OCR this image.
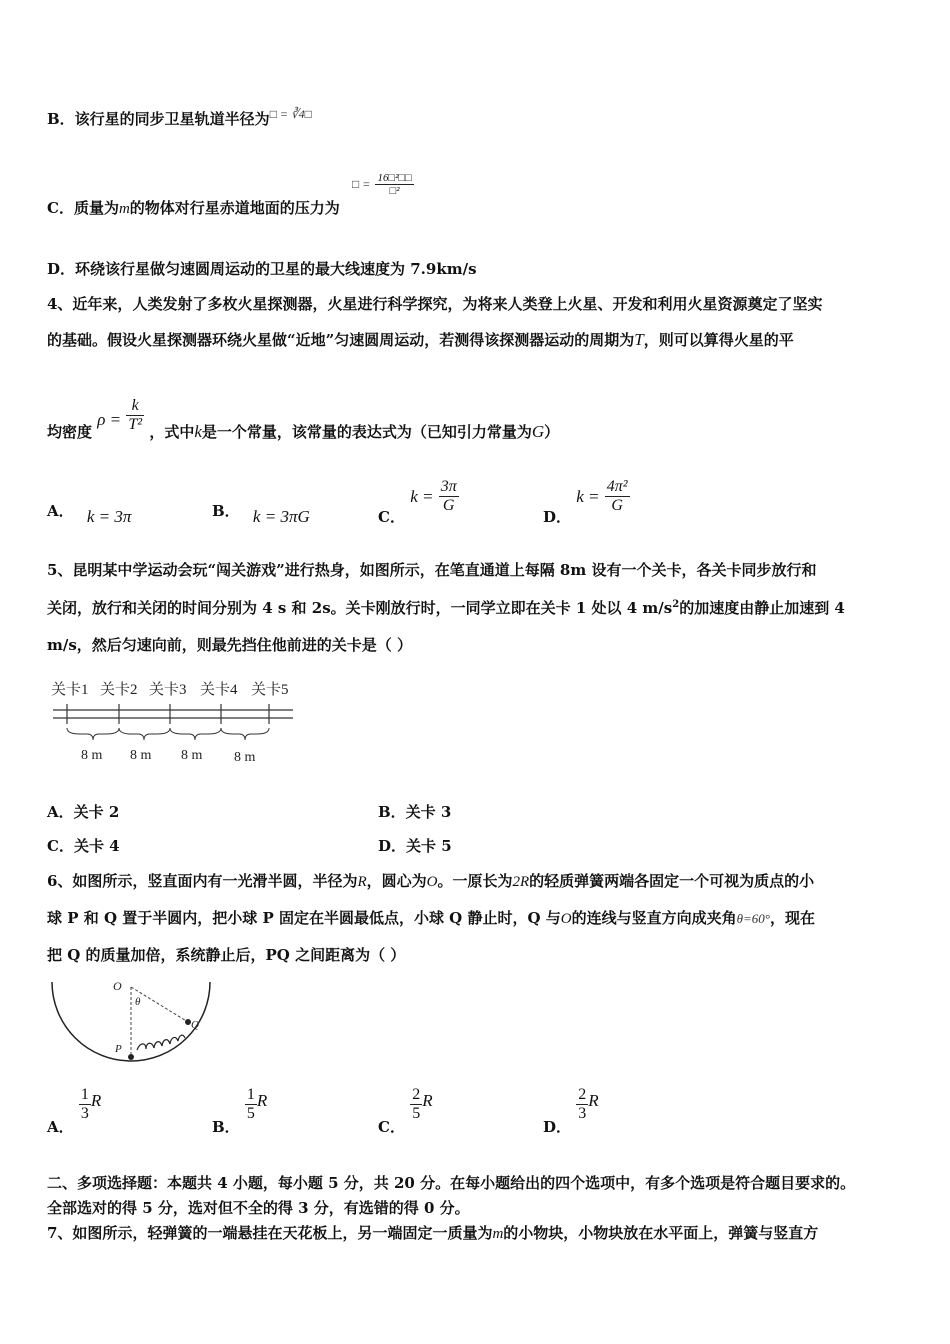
B．该行星的同步卫星轨道半径为$^{□ = ∛4□}$
C．质量为m的物体对行星赤道地面的压力为
□ = $\frac{\text{16□²□□}}{\text{□²}}$
D．环绕该行星做匀速圆周运动的卫星的最大线速度为 7.9km/s
4、近年来，人类发射了多枚火星探测器，火星进行科学探究，为将来人类登上火星、开发和利用火星资源奠定了坚实
的基础。假设火星探测器环绕火星做“近地”匀速圆周运动，若测得该探测器运动的周期为T，则可以算得火星的平
均密度 $\rho = \frac{k}{\text{T²}}$ ，式中k是一个常量，该常量的表达式为（已知引力常量为G）
A． k = 3π	B． k = 3πG	C． $k = \frac{3\pi}{G}$
D． $k = \frac{\text{4π²}}{G}$
5、昆明某中学运动会玩“闯关游戏”进行热身，如图所示，在笔直通道上每隔 8m 设有一个关卡，各关卡同步放行和
关闭，放行和关闭的时间分别为 4 s 和 2s。关卡刚放行时，一同学立即在关卡 1 处以 4 $m/s^2$的加速度由静止加速到 4
m/s，然后匀速向前，则最先挡住他前进的关卡是（ ）
关卡1 关卡2 关卡3 关卡4 关卡5
8 m 8 m 8 m 8 m
A．关卡 2	B．关卡 3
C．关卡 4	D．关卡 5
6、如图所示，竖直面内有一光滑半圆，半径为R，圆心为O。一原长为2R的轻质弹簧两端各固定一个可视为质点的小
球 P 和 Q 置于半圆内，把小球 P 固定在半圆最低点，小球 Q 静止时，Q 与O的连线与竖直方向成夹角θ=60°，现在
把 Q 的质量加倍，系统静止后，PQ 之间距离为（ ）
O
θ
Q
P
A．
$\frac{1}{3}$ R
B．
$\frac{1}{5}$ R
C．
$\frac{2}{5}$ R
D．
$\frac{2}{3}$ R
二、多项选择题：本题共 4 小题，每小题 5 分，共 20 分。在每小题给出的四个选项中，有多个选项是符合题目要求的。
全部选对的得 5 分，选对但不全的得 3 分，有选错的得 0 分。
7、如图所示，轻弹簧的一端悬挂在天花板上，另一端固定一质量为m的小物块，小物块放在水平面上，弹簧与竖直方
